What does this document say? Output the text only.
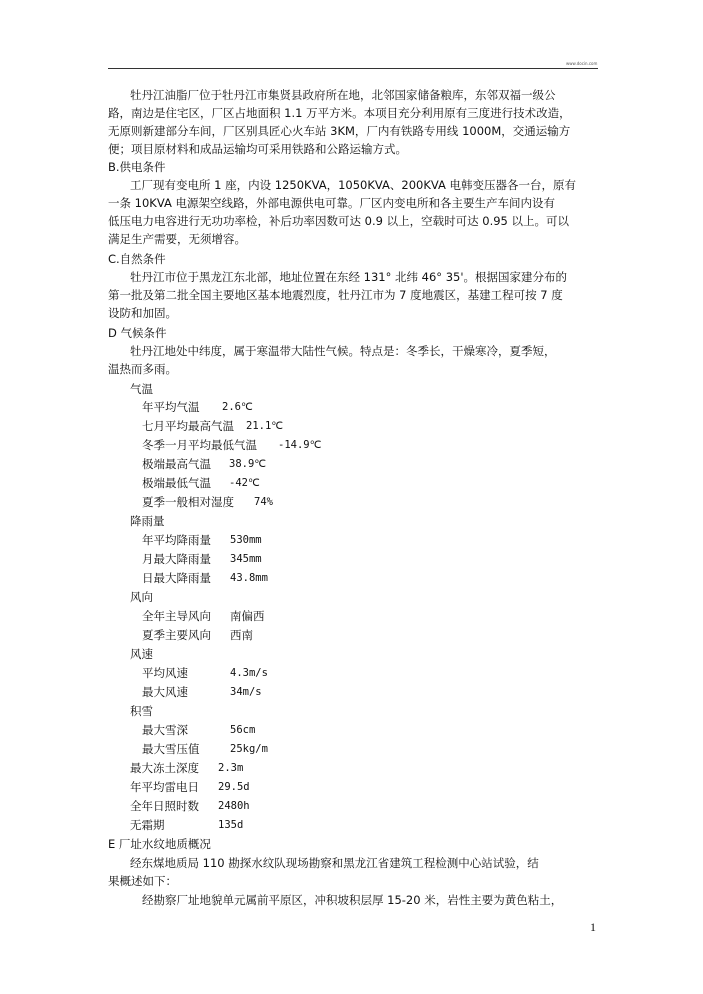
www.docin.com
牡丹江油脂厂位于牡丹江市集贤县政府所在地，北邻国家储备粮库，东邻双福一级公
路，南边是住宅区，厂区占地面积 1.1 万平方米。本项目充分利用原有三度进行技术改造，
无原则新建部分车间，厂区别具匠心火车站 3KM，厂内有铁路专用线 1000M，交通运输方
便；项目原材料和成品运输均可采用铁路和公路运输方式。
B.供电条件
工厂现有变电所 1 座，内设 1250KVA，1050KVA、200KVA 电韩变压器各一台，原有
一条 10KVA 电源架空线路，外部电源供电可靠。厂区内变电所和各主要生产车间内设有
低压电力电容进行无功功率检，补后功率因数可达 0.9 以上，空载时可达 0.95 以上。可以
满足生产需要，无须增容。
C.自然条件
牡丹江市位于黑龙江东北部，地址位置在东经 131° 北纬 46° 35'。根据国家建分布的
第一批及第二批全国主要地区基本地震烈度，牡丹江市为 7 度地震区，基建工程可按 7 度
设防和加固。
D 气候条件
牡丹江地处中纬度，属于寒温带大陆性气候。特点是：冬季长，干燥寒冷，夏季短，
温热而多雨。
气温
年平均气温 2.6℃
七月平均最高气温 21.1℃
冬季一月平均最低气温 -14.9℃
极端最高气温 38.9℃
极端最低气温 -42℃
夏季一般相对湿度 74%
降雨量
年平均降雨量 530mm
月最大降雨量 345mm
日最大降雨量 43.8mm
风向
全年主导风向 南偏西
夏季主要风向 西南
风速
平均风速	4.3m/s
最大风速	34m/s
积雪
最大雪深	56cm
最大雪压值	25kg/m
最大冻土深度 2.3m
年平均雷电日 29.5d
全年日照时数 2480h
无霜期	135d
E 厂址水纹地质概况
经东煤地质局 110 勘探水纹队现场勘察和黑龙江省建筑工程检测中心站试验，结
果概述如下：
经勘察厂址地貌单元属前平原区，冲积坡积层厚 15-20 米，岩性主要为黄色粘土，
1
